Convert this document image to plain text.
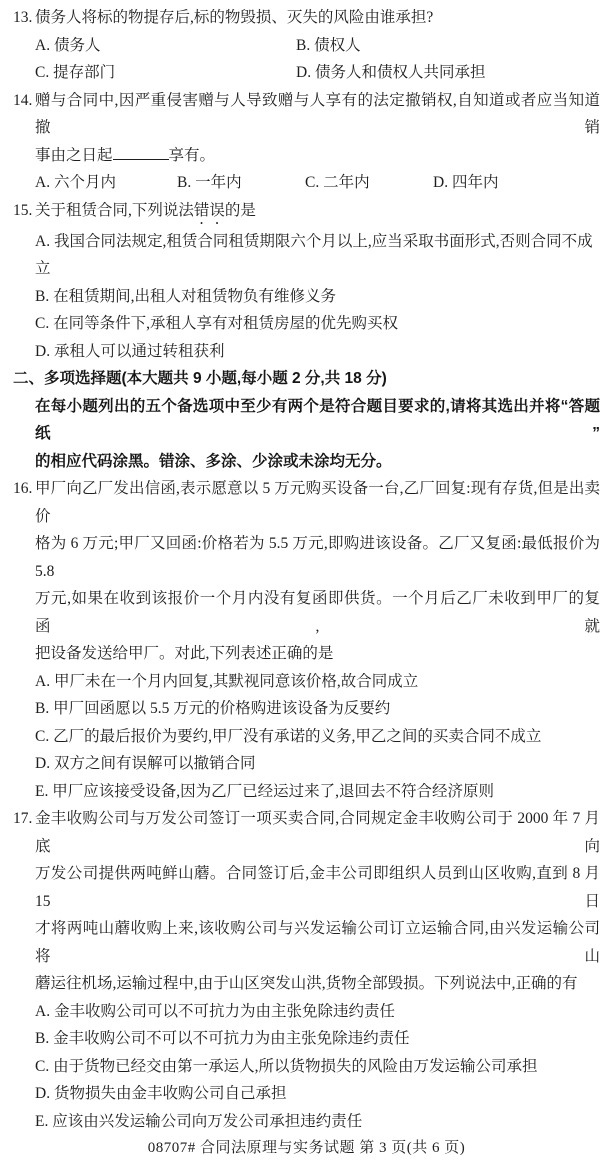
13. 债务人将标的物提存后,标的物毁损、灭失的风险由谁承担?
A. 债务人	B. 债权人
C. 提存部门	D. 债务人和债权人共同承担
14. 赠与合同中,因严重侵害赠与人导致赠与人享有的法定撤销权,自知道或者应当知道撤销
事由之日起	享有。
A. 六个月内	B. 一年内	C. 二年内	D. 四年内
15. 关于租赁合同,下列说法错误的是
A. 我国合同法规定,租赁合同租赁期限六个月以上,应当采取书面形式,否则合同不成立
B. 在租赁期间,出租人对租赁物负有维修义务
C. 在同等条件下,承租人享有对租赁房屋的优先购买权
D. 承租人可以通过转租获利
二、多项选择题(本大题共 9 小题,每小题 2 分,共 18 分)
在每小题列出的五个备选项中至少有两个是符合题目要求的,请将其选出并将“答题纸”
的相应代码涂黑。错涂、多涂、少涂或未涂均无分。
16. 甲厂向乙厂发出信函,表示愿意以 5 万元购买设备一台,乙厂回复:现有存货,但是出卖价
格为 6 万元;甲厂又回函:价格若为 5.5 万元,即购进该设备。乙厂又复函:最低报价为5.8
万元,如果在收到该报价一个月内没有复函即供货。一个月后乙厂未收到甲厂的复函,就
把设备发送给甲厂。对此,下列表述正确的是
A. 甲厂未在一个月内回复,其默视同意该价格,故合同成立
B. 甲厂回函愿以 5.5 万元的价格购进该设备为反要约
C. 乙厂的最后报价为要约,甲厂没有承诺的义务,甲乙之间的买卖合同不成立
D. 双方之间有误解可以撤销合同
E. 甲厂应该接受设备,因为乙厂已经运过来了,退回去不符合经济原则
17. 金丰收购公司与万发公司签订一项买卖合同,合同规定金丰收购公司于 2000 年 7 月底向
万发公司提供两吨鲜山蘑。合同签订后,金丰公司即组织人员到山区收购,直到 8 月 15 日
才将两吨山蘑收购上来,该收购公司与兴发运输公司订立运输合同,由兴发运输公司将山
蘑运往机场,运输过程中,由于山区突发山洪,货物全部毁损。下列说法中,正确的有
A. 金丰收购公司可以不可抗力为由主张免除违约责任
B. 金丰收购公司不可以不可抗力为由主张免除违约责任
C. 由于货物已经交由第一承运人,所以货物损失的风险由万发运输公司承担
D. 货物损失由金丰收购公司自己承担
E. 应该由兴发运输公司向万发公司承担违约责任
08707# 合同法原理与实务试题 第 3 页(共 6 页)
